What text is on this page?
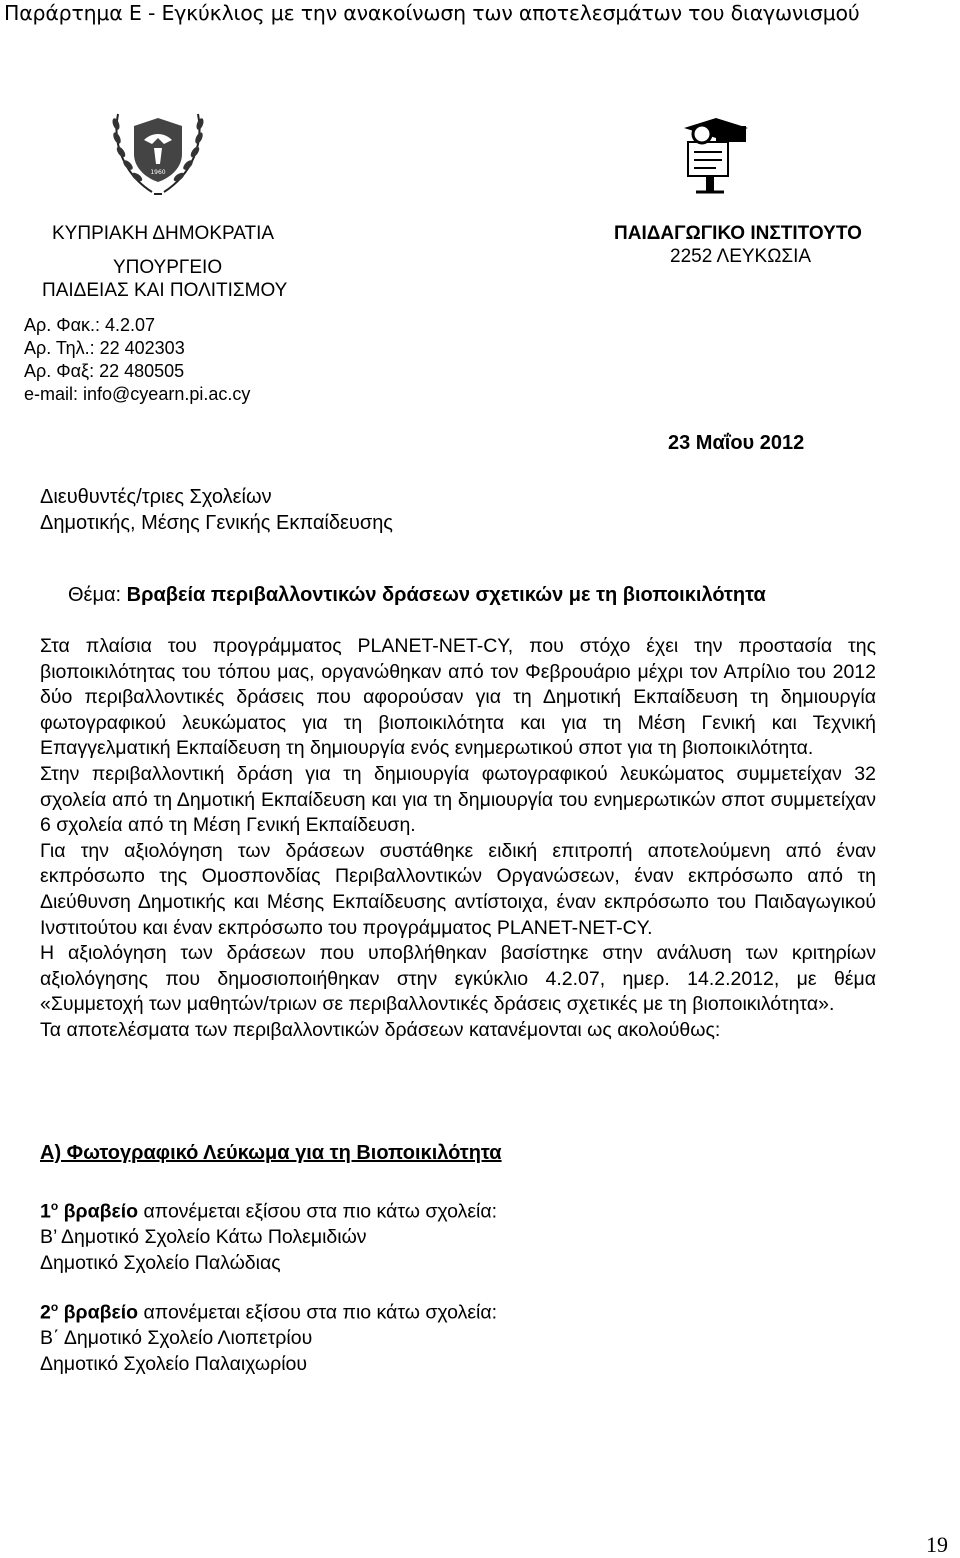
Παράρτημα Ε - Εγκύκλιος με την ανακοίνωση των αποτελεσμάτων του διαγωνισμού
1960
ΚΥΠΡΙΑΚΗ ΔΗΜΟΚΡΑΤΙΑ
ΥΠΟΥΡΓΕΙΟ
ΠΑΙΔΕΙΑΣ ΚΑΙ ΠΟΛΙΤΙΣΜΟΥ
ΠΑΙΔΑΓΩΓΙΚΟ ΙΝΣΤΙΤΟΥΤΟ
2252 ΛΕΥΚΩΣΙΑ
Αρ. Φακ.: 4.2.07
Αρ. Τηλ.: 22 402303
Αρ. Φαξ: 22 480505
e-mail: info@cyearn.pi.ac.cy
23 Μαΐου 2012
Διευθυντές/τριες Σχολείων
Δημοτικής, Μέσης Γενικής Εκπαίδευσης
Θέμα: Βραβεία περιβαλλοντικών δράσεων σχετικών με τη βιοποικιλότητα

Στα πλαίσια του προγράμματος PLANET-NET-CY, που στόχο έχει την προστασία της βιοποικιλότητας του τόπου μας, οργανώθηκαν από τον Φεβρουάριο μέχρι τον Απρίλιο του 2012 δύο περιβαλλοντικές δράσεις που αφορούσαν για τη Δημοτική Εκπαίδευση τη δημιουργία φωτογραφικού λευκώματος για τη βιοποικιλότητα και για τη Μέση Γενική και Τεχνική Επαγγελματική Εκπαίδευση τη δημιουργία ενός ενημερωτικού σποτ για τη βιοποικιλότητα.

Στην περιβαλλοντική δράση για τη δημιουργία φωτογραφικού λευκώματος συμμετείχαν 32 σχολεία από τη Δημοτική Εκπαίδευση και για τη δημιουργία του ενημερωτικών σποτ συμμετείχαν 6 σχολεία από τη Μέση Γενική Εκπαίδευση.

Για την αξιολόγηση των δράσεων συστάθηκε ειδική επιτροπή αποτελούμενη από έναν εκπρόσωπο της Ομοσπονδίας Περιβαλλοντικών Οργανώσεων, έναν εκπρόσωπο από τη Διεύθυνση Δημοτικής και Μέσης Εκπαίδευσης αντίστοιχα, έναν εκπρόσωπο του Παιδαγωγικού Ινστιτούτου και έναν εκπρόσωπο του προγράμματος PLANET-NET-CY.

Η αξιολόγηση των δράσεων που υποβλήθηκαν βασίστηκε στην ανάλυση των κριτηρίων αξιολόγησης που δημοσιοποιήθηκαν στην εγκύκλιο 4.2.07, ημερ. 14.2.2012, με θέμα «Συμμετοχή των μαθητών/τριων σε περιβαλλοντικές δράσεις σχετικές με τη βιοποικιλότητα».

Τα αποτελέσματα των περιβαλλοντικών δράσεων κατανέμονται ως ακολούθως:

Α) Φωτογραφικό Λεύκωμα για τη Βιοποικιλότητα
$1^o$ βραβείο απονέμεται εξίσου στα πιο κάτω σχολεία:
Β’ Δημοτικό Σχολείο Κάτω Πολεμιδιών
Δημοτικό Σχολείο Παλώδιας
$2^o$ βραβείο απονέμεται εξίσου στα πιο κάτω σχολεία:
Β΄ Δημοτικό Σχολείο Λιοπετρίου
Δημοτικό Σχολείο Παλαιχωρίου
19
